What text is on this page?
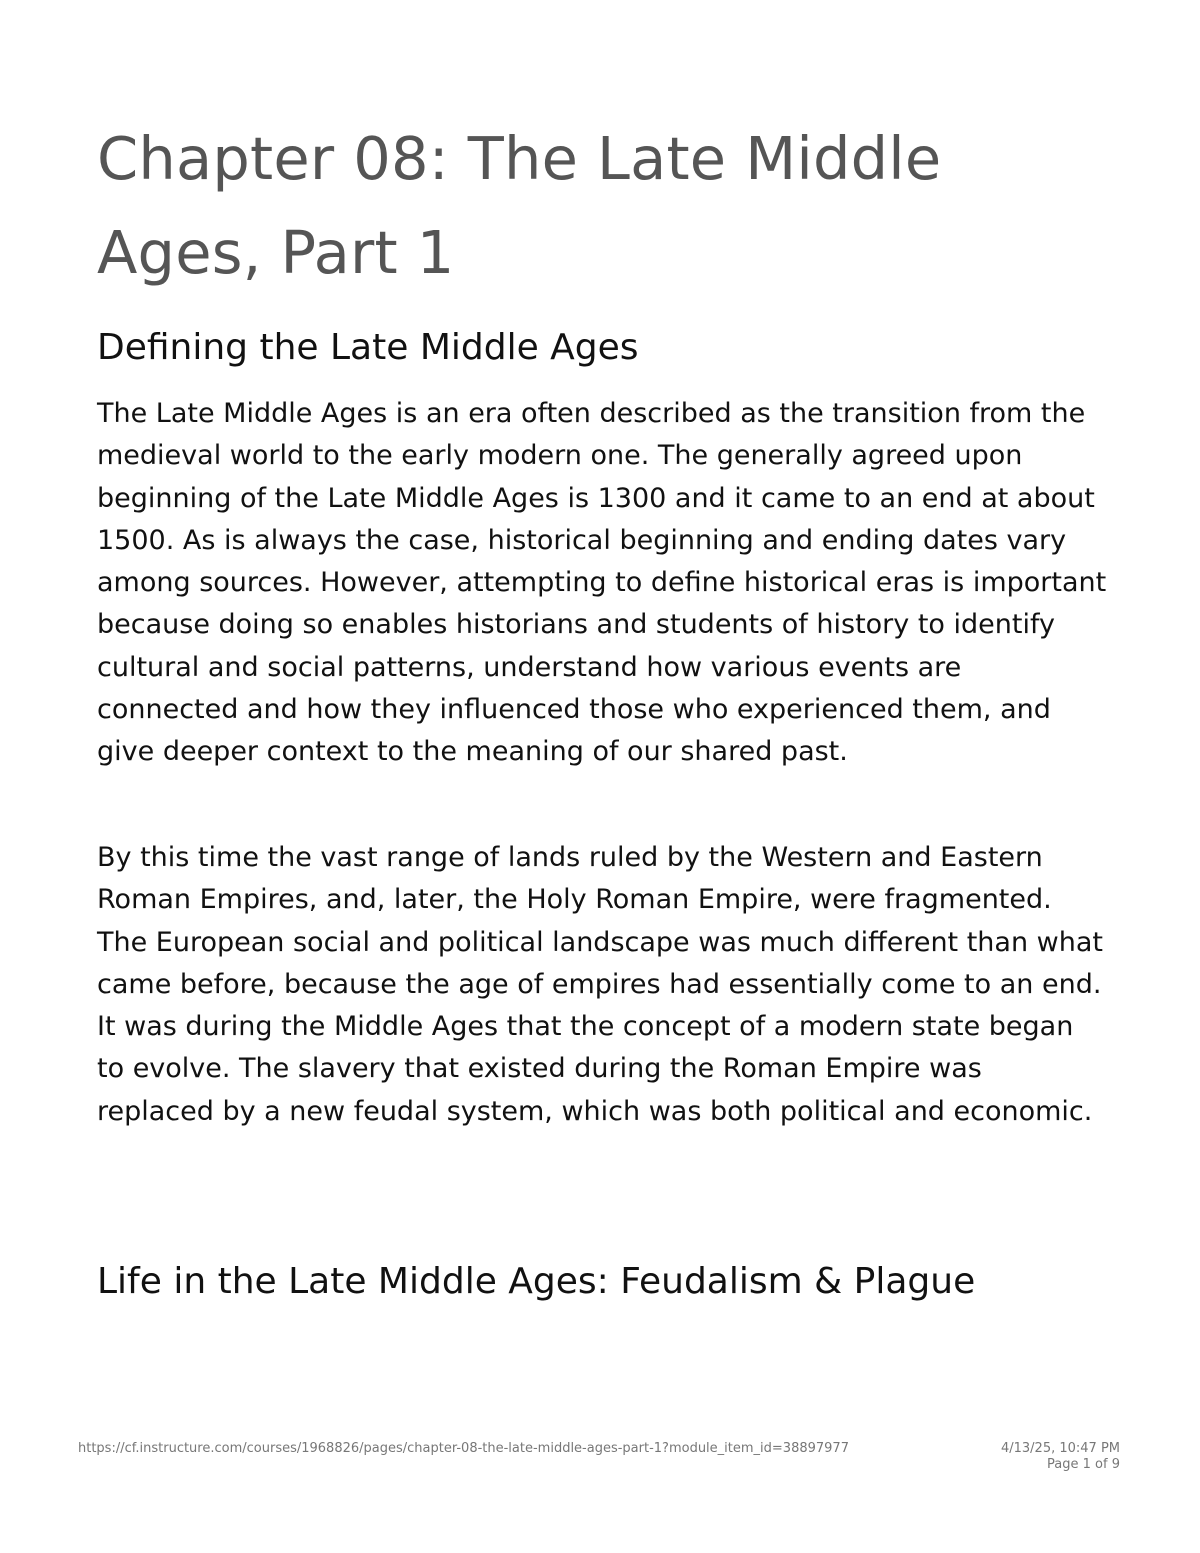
Chapter 08: The Late Middle Ages, Part 1
Defining the Late Middle Ages

The Late Middle Ages is an era often described as the transition from the medieval world to the early modern one. The generally agreed upon beginning of the Late Middle Ages is 1300 and it came to an end at about 1500. As is always the case, historical beginning and ending dates vary among sources. However, attempting to define historical eras is important because doing so enables historians and students of history to identify cultural and social patterns, understand how various events are connected and how they influenced those who experienced them, and give deeper context to the meaning of our shared past.

By this time the vast range of lands ruled by the Western and Eastern Roman Empires, and, later, the Holy Roman Empire, were fragmented. The European social and political landscape was much different than what came before, because the age of empires had essentially come to an end. It was during the Middle Ages that the concept of a modern state began to evolve. The slavery that existed during the Roman Empire was replaced by a new feudal system, which was both political and economic.

Life in the Late Middle Ages: Feudalism & Plague
https://cf.instructure.com/courses/1968826/pages/chapter-08-the-late-middle-ages-part-1?module_item_id=38897977	4/13/25, 10:47 PM
Page 1 of 9
